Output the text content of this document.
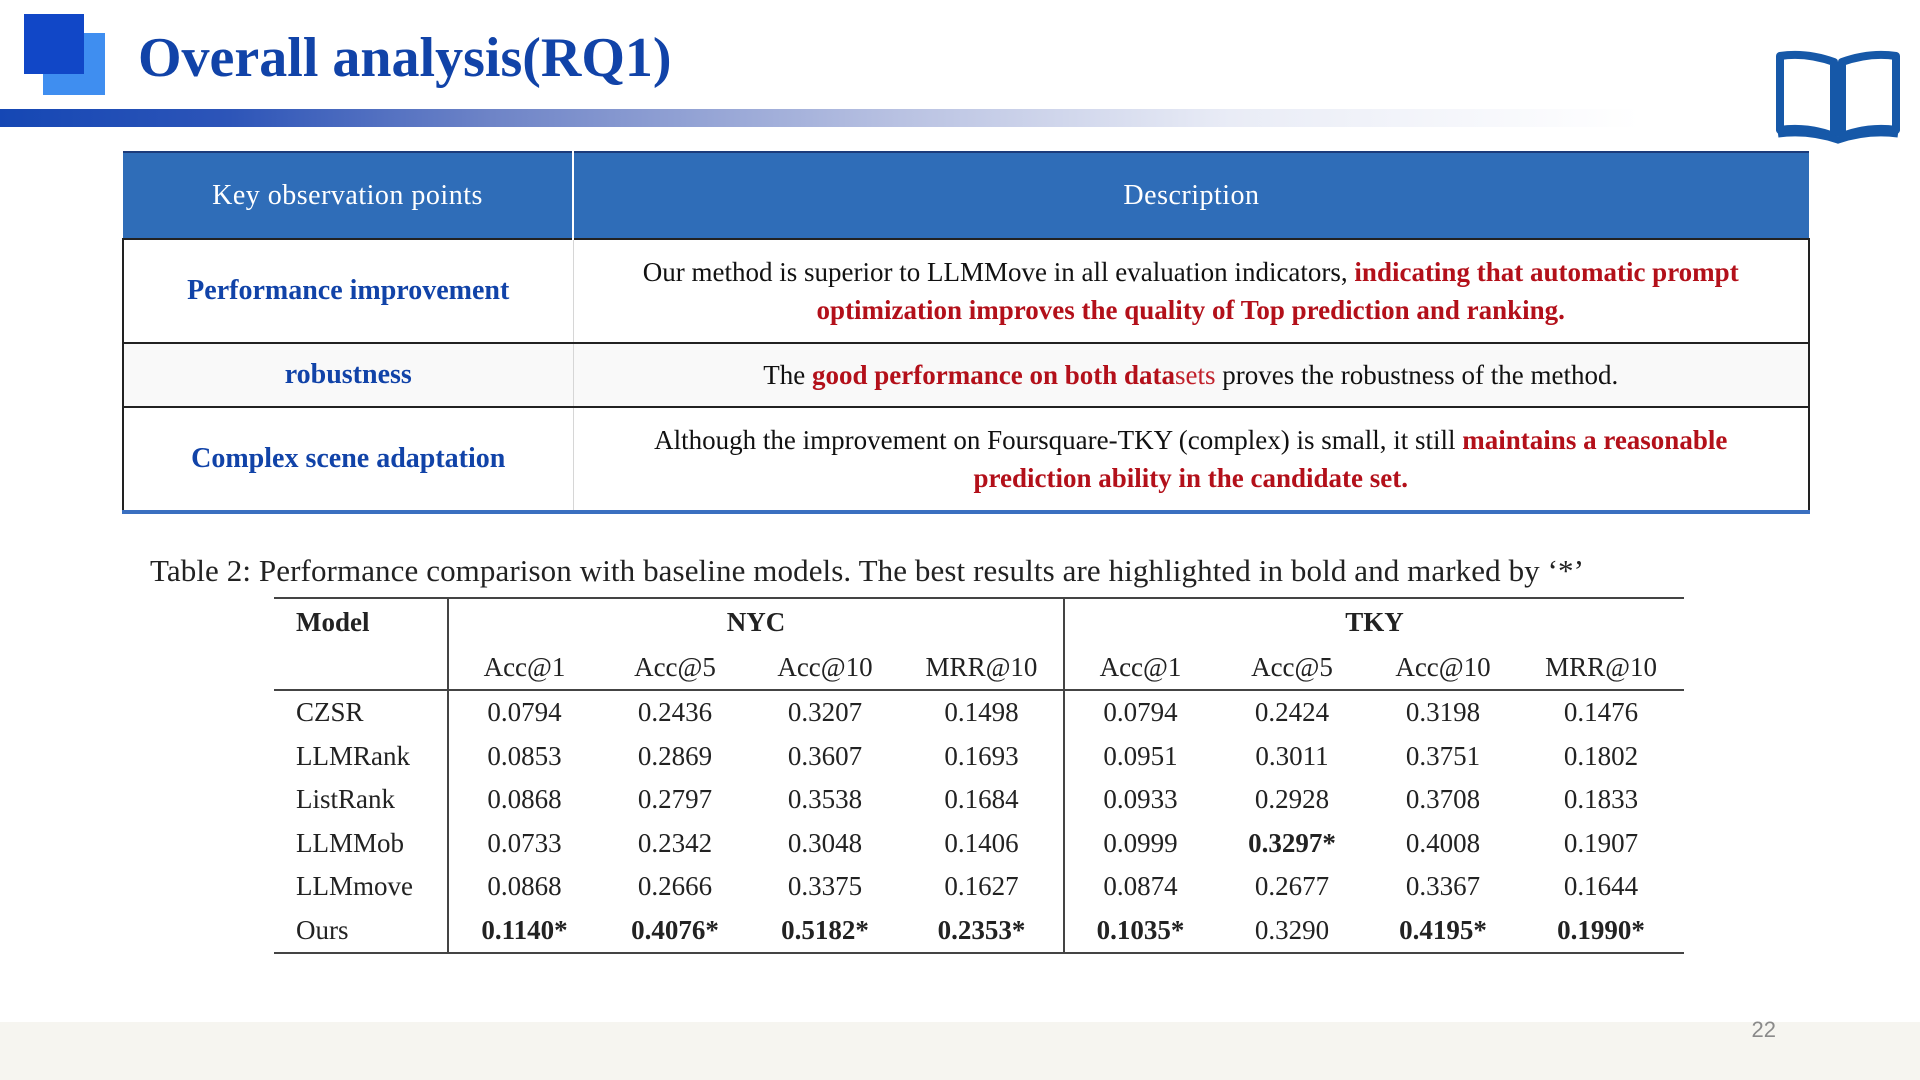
Overall analysis(RQ1)
Key observation points	Description
Performance improvement	Our method is superior to LLMMove in all evaluation indicators, indicating that automatic prompt optimization improves the quality of Top prediction and ranking.
robustness	The good performance on both datasets proves the robustness of the method.
Complex scene adaptation	Although the improvement on Foursquare-TKY (complex) is small, it still maintains a reasonable prediction ability in the candidate set.
Table 2: Performance comparison with baseline models. The best results are highlighted in bold and marked by ‘*’
Model	NYC				TKY			
	Acc@1	Acc@5	Acc@10	MRR@10	Acc@1	Acc@5	Acc@10	MRR@10
CZSR	0.0794	0.2436	0.3207	0.1498	0.0794	0.2424	0.3198	0.1476
LLMRank	0.0853	0.2869	0.3607	0.1693	0.0951	0.3011	0.3751	0.1802
ListRank	0.0868	0.2797	0.3538	0.1684	0.0933	0.2928	0.3708	0.1833
LLMMob	0.0733	0.2342	0.3048	0.1406	0.0999	0.3297*	0.4008	0.1907
LLMmove	0.0868	0.2666	0.3375	0.1627	0.0874	0.2677	0.3367	0.1644
Ours	0.1140*	0.4076*	0.5182*	0.2353*	0.1035*	0.3290	0.4195*	0.1990*
22
